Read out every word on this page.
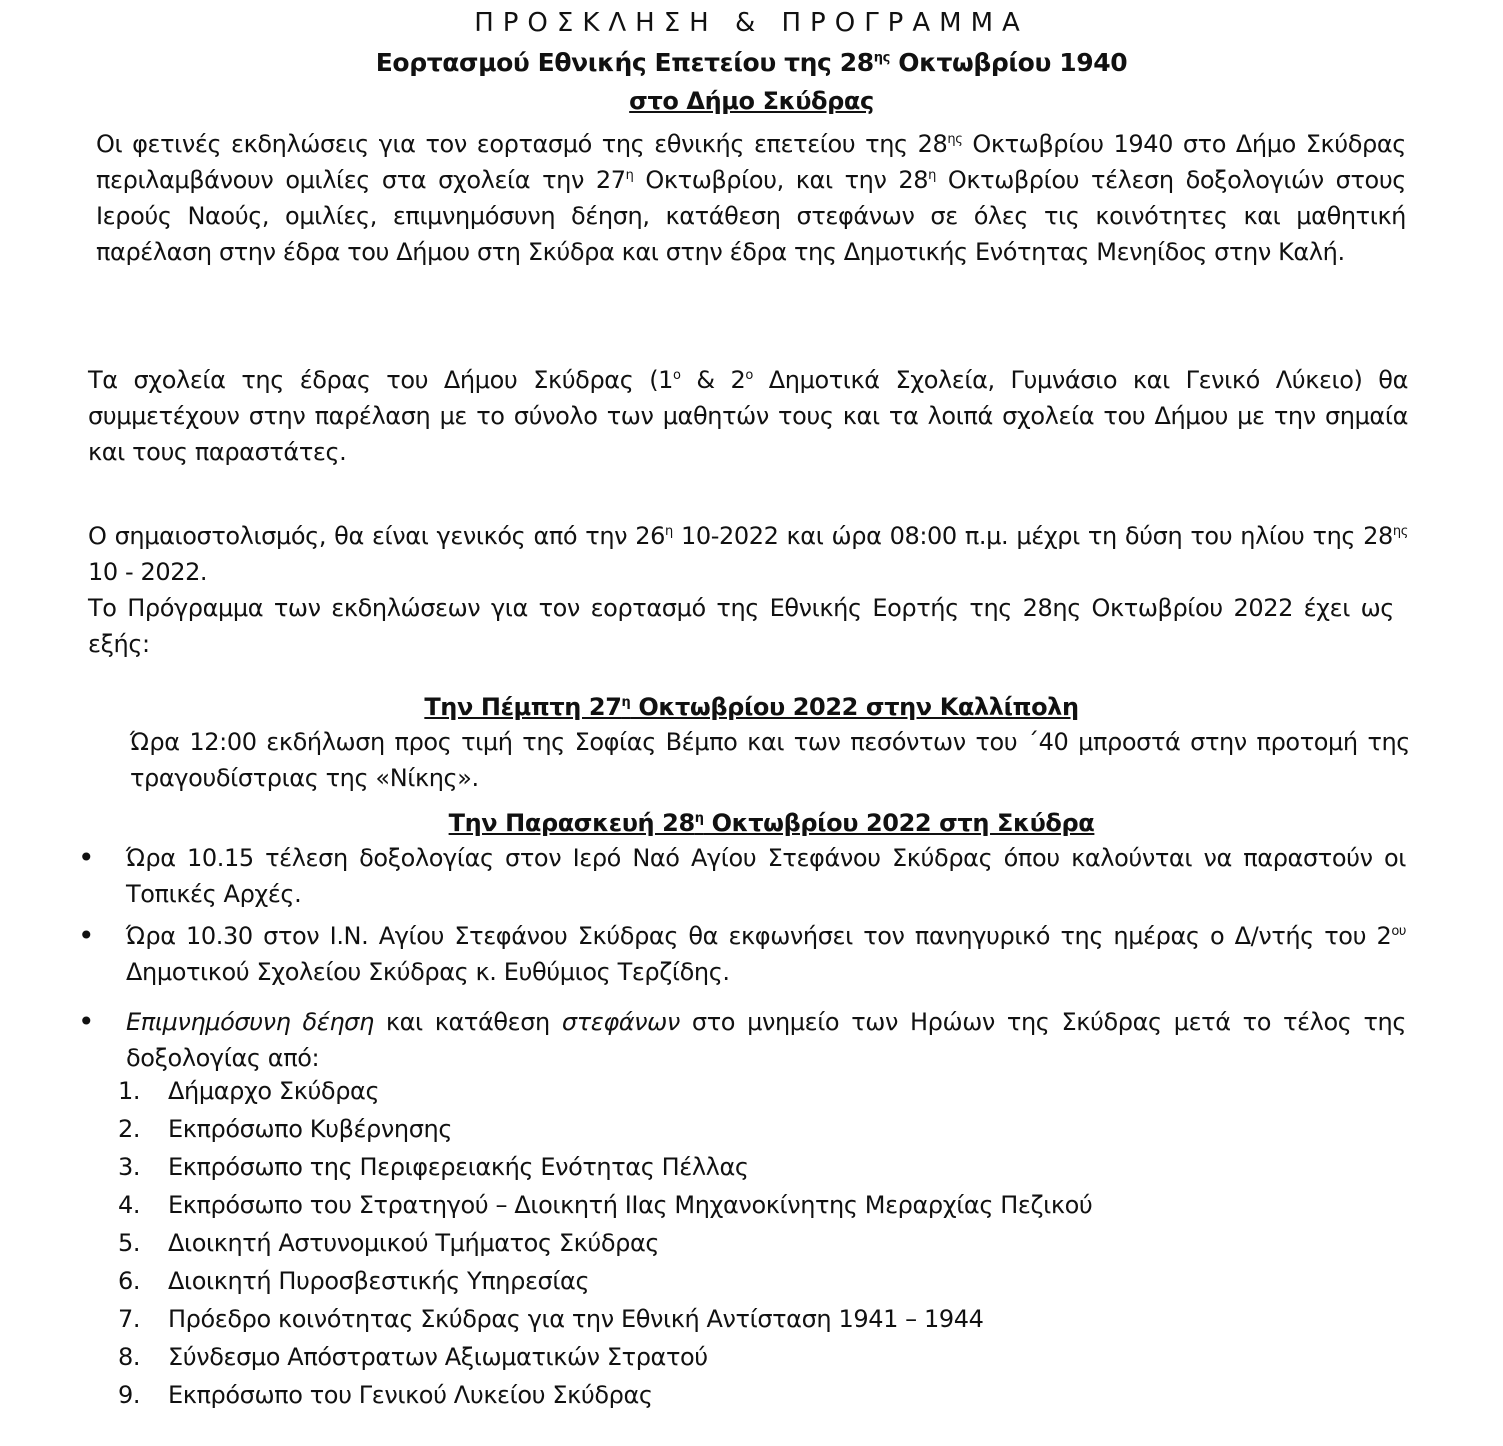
ΠΡΟΣΚΛΗΣΗ & ΠΡΟΓΡΑΜΜΑ
Εορτασμού Εθνικής Επετείου της $28^{\eta\varsigma}$ Οκτωβρίου 1940
στο Δήμο Σκύδρας
Οι φετινές εκδηλώσεις για τον εορτασμό της εθνικής επετείου της $28^{\eta\varsigma}$ Οκτωβρίου 1940 στο Δήμο Σκύδρας περιλαμβάνουν ομιλίες στα σχολεία την $27^\eta$ Οκτωβρίου, και την $28^\eta$ Οκτωβρίου τέλεση δοξολογιών στους Ιερούς Ναούς, ομιλίες, επιμνημόσυνη δέηση, κατάθεση στεφάνων σε όλες τις κοινότητες και μαθητική παρέλαση στην έδρα του Δήμου στη Σκύδρα και στην έδρα της Δημοτικής Ενότητας Μενηίδος στην Καλή.
Τα σχολεία της έδρας του Δήμου Σκύδρας ($1^o$ & $2^o$ Δημοτικά Σχολεία, Γυμνάσιο και Γενικό Λύκειο) θα συμμετέχουν στην παρέλαση με το σύνολο των μαθητών τους και τα λοιπά σχολεία του Δήμου με την σημαία και τους παραστάτες.
Ο σημαιοστολισμός, θα είναι γενικός από την $26^\eta$ 10-2022 και ώρα 08:00 π.μ. μέχρι τη δύση του ηλίου της $28^{\eta\varsigma}$ 10 - 2022.
Το Πρόγραμμα των εκδηλώσεων για τον εορτασμό της Εθνικής Εορτής της 28ης Οκτωβρίου 2022 έχει ως εξής:
Την Πέμπτη $27^\eta$ Οκτωβρίου 2022 στην Καλλίπολη
Ώρα 12:00 εκδήλωση προς τιμή της Σοφίας Βέμπο και των πεσόντων του ΄40 μπροστά στην προτομή της τραγουδίστριας της «Νίκης».
Την Παρασκευή $28^\eta$ Οκτωβρίου 2022 στη Σκύδρα
• Ώρα 10.15 τέλεση δοξολογίας στον Ιερό Ναό Αγίου Στεφάνου Σκύδρας όπου καλούνται να παραστούν οι Τοπικές Αρχές.
• Ώρα 10.30 στον Ι.Ν. Αγίου Στεφάνου Σκύδρας θα εκφωνήσει τον πανηγυρικό της ημέρας ο Δ/ντής του $2^{o\upsilon}$ Δημοτικού Σχολείου Σκύδρας κ. Ευθύμιος Τερζίδης.
• Επιμνημόσυνη δέηση και κατάθεση στεφάνων στο μνημείο των Ηρώων της Σκύδρας μετά το τέλος της δοξολογίας από:
1.	Δήμαρχο Σκύδρας
2.	Εκπρόσωπο Κυβέρνησης
3.	Εκπρόσωπο της Περιφερειακής Ενότητας Πέλλας
4.	Εκπρόσωπο του Στρατηγού – Διοικητή ΙΙας Μηχανοκίνητης Μεραρχίας Πεζικού
5.	Διοικητή Αστυνομικού Τμήματος Σκύδρας
6.	Διοικητή Πυροσβεστικής Υπηρεσίας
7.	Πρόεδρο κοινότητας Σκύδρας για την Εθνική Αντίσταση 1941 – 1944
8.	Σύνδεσμο Απόστρατων Αξιωματικών Στρατού
9.	Εκπρόσωπο του Γενικού Λυκείου Σκύδρας
